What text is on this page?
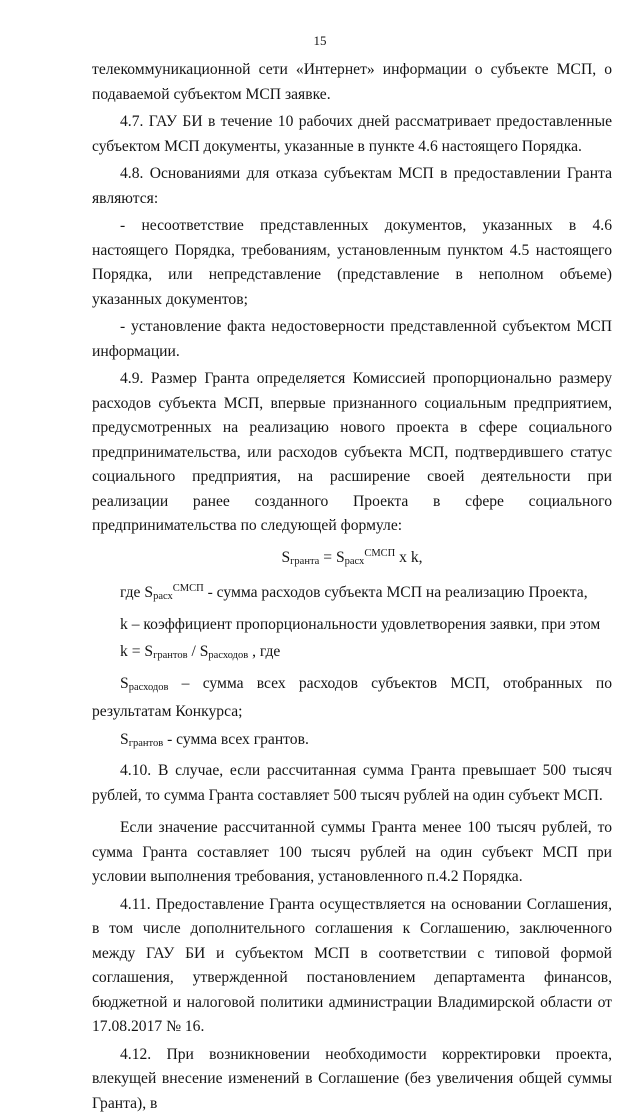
15

телекоммуникационной сети «Интернет» информации о субъекте МСП, о подаваемой субъектом МСП заявке.

4.7. ГАУ БИ в течение 10 рабочих дней рассматривает предоставленные субъектом МСП документы, указанные в пункте 4.6 настоящего Порядка.

4.8. Основаниями для отказа субъектам МСП в предоставлении Гранта являются:

- несоответствие представленных документов, указанных в 4.6 настоящего Порядка, требованиям, установленным пунктом 4.5 настоящего Порядка, или непредставление (представление в неполном объеме) указанных документов;

- установление факта недостоверности представленной субъектом МСП информации.

4.9. Размер Гранта определяется Комиссией пропорционально размеру расходов субъекта МСП, впервые признанного социальным предприятием, предусмотренных на реализацию нового проекта в сфере социального предпринимательства, или расходов субъекта МСП, подтвердившего статус социального предприятия, на расширение своей деятельности при реализации ранее созданного Проекта в сфере социального предпринимательства по следующей формуле:

Sгранта = Sрасх$^{СМСП}$ x k,

где Sрасх$^{СМСП}$ - сумма расходов субъекта МСП на реализацию Проекта,

k – коэффициент пропорциональности удовлетворения заявки, при этом

k = Sгрантов / Sрасходов , где

Sрасходов – сумма всех расходов субъектов МСП, отобранных по результатам Конкурса;

Sгрантов - сумма всех грантов.

4.10. В случае, если рассчитанная сумма Гранта превышает 500 тысяч рублей, то сумма Гранта составляет 500 тысяч рублей на один субъект МСП.

Если значение рассчитанной суммы Гранта менее 100 тысяч рублей, то сумма Гранта составляет 100 тысяч рублей на один субъект МСП при условии выполнения требования, установленного п.4.2 Порядка.

4.11. Предоставление Гранта осуществляется на основании Соглашения, в том числе дополнительного соглашения к Соглашению, заключенного между ГАУ БИ и субъектом МСП в соответствии с типовой формой соглашения, утвержденной постановлением департамента финансов, бюджетной и налоговой политики администрации Владимирской области от 17.08.2017 № 16.

4.12. При возникновении необходимости корректировки проекта, влекущей внесение изменений в Соглашение (без увеличения общей суммы Гранта), в
